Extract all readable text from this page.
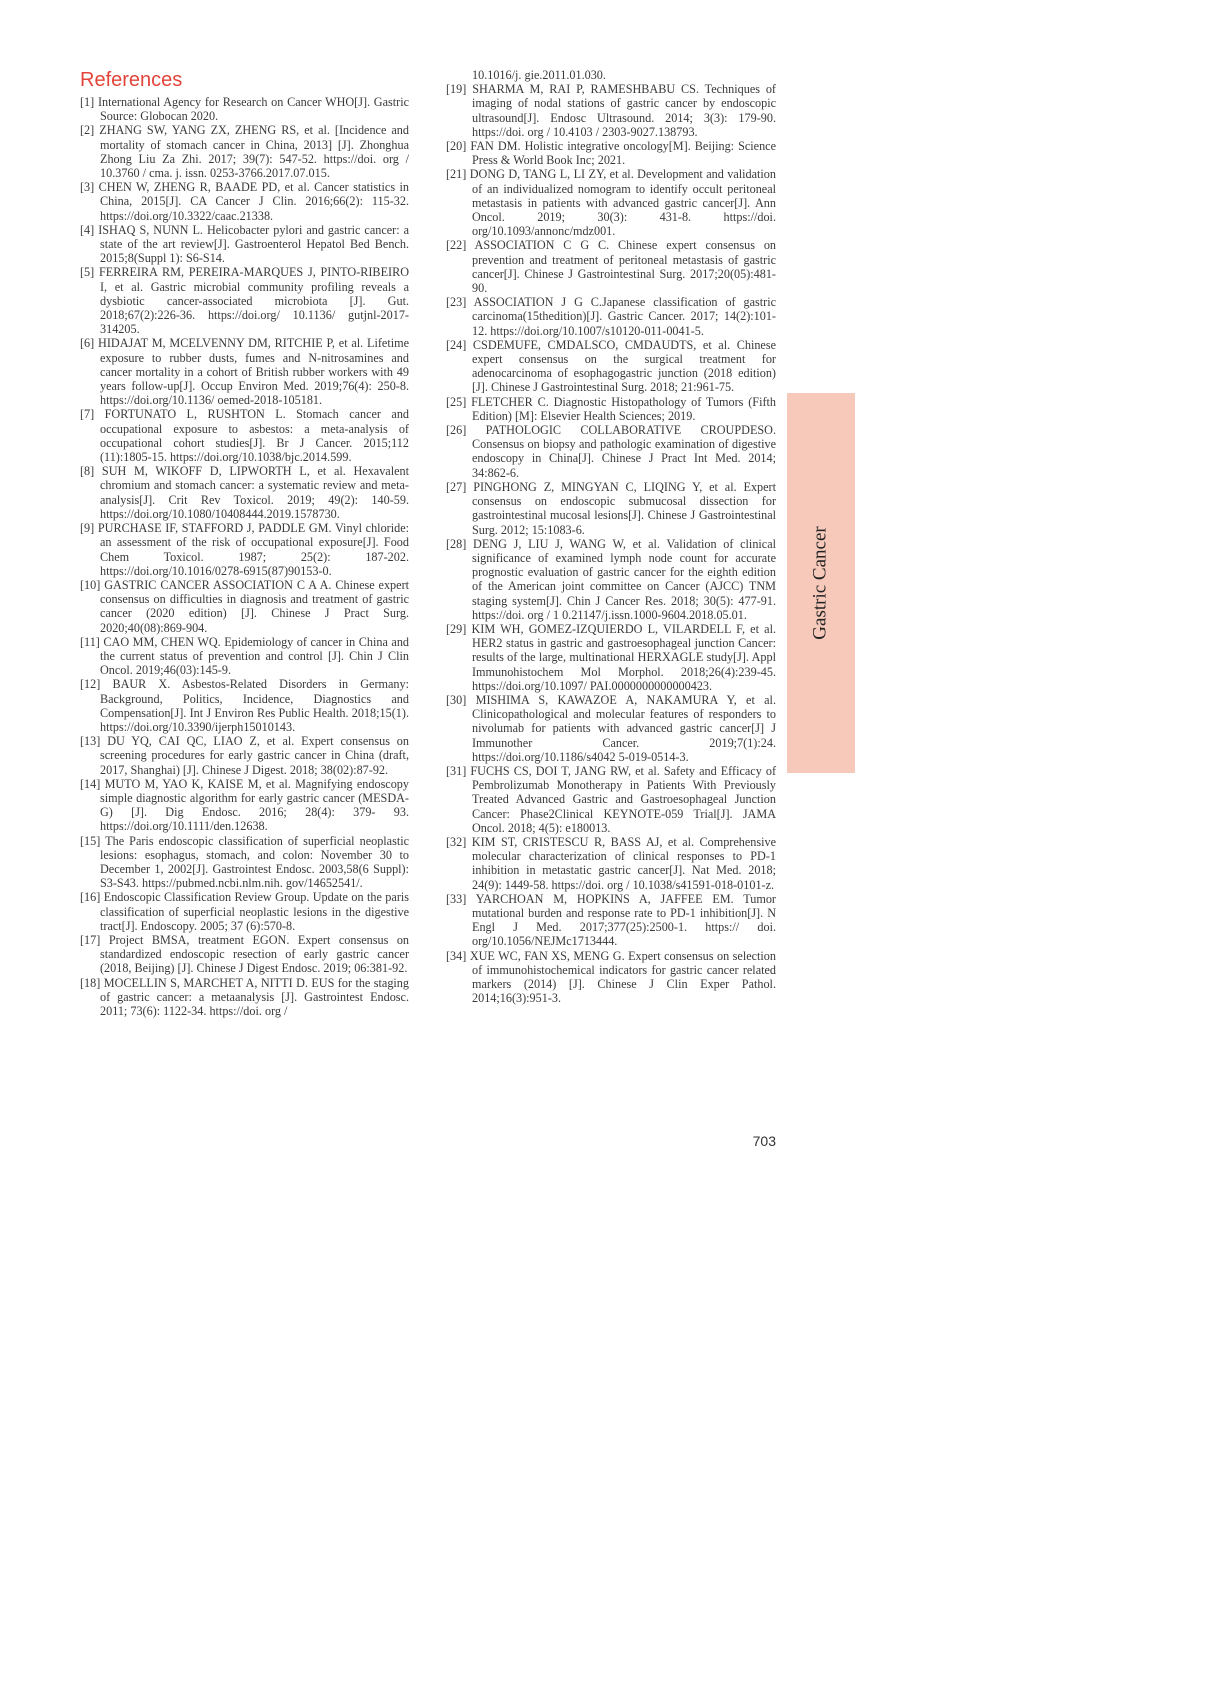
References
[1] International Agency for Research on Cancer WHO[J]. Gastric Source: Globocan 2020.
[2] ZHANG SW, YANG ZX, ZHENG RS, et al. [Incidence and mortality of stomach cancer in China, 2013] [J]. Zhonghua Zhong Liu Za Zhi. 2017; 39(7): 547-52. https://doi. org / 10.3760 / cma. j. issn. 0253-3766.2017.07.015.
[3] CHEN W, ZHENG R, BAADE PD, et al. Cancer statistics in China, 2015[J]. CA Cancer J Clin. 2016;66(2): 115-32. https://doi.org/10.3322/caac.21338.
[4] ISHAQ S, NUNN L. Helicobacter pylori and gastric cancer: a state of the art review[J]. Gastroenterol Hepatol Bed Bench. 2015;8(Suppl 1): S6-S14.
[5] FERREIRA RM, PEREIRA-MARQUES J, PINTO-RIBEIRO I, et al. Gastric microbial community profiling reveals a dysbiotic cancer-associated microbiota [J]. Gut. 2018;67(2):226-36. https://doi.org/ 10.1136/ gutjnl-2017-314205.
[6] HIDAJAT M, MCELVENNY DM, RITCHIE P, et al. Lifetime exposure to rubber dusts, fumes and N-nitrosamines and cancer mortality in a cohort of British rubber workers with 49 years follow-up[J]. Occup Environ Med. 2019;76(4): 250-8. https://doi.org/10.1136/ oemed-2018-105181.
[7] FORTUNATO L, RUSHTON L. Stomach cancer and occupational exposure to asbestos: a meta-analysis of occupational cohort studies[J]. Br J Cancer. 2015;112 (11):1805-15. https://doi.org/10.1038/bjc.2014.599.
[8] SUH M, WIKOFF D, LIPWORTH L, et al. Hexavalent chromium and stomach cancer: a systematic review and meta-analysis[J]. Crit Rev Toxicol. 2019; 49(2): 140-59. https://doi.org/10.1080/10408444.2019.1578730.
[9] PURCHASE IF, STAFFORD J, PADDLE GM. Vinyl chloride: an assessment of the risk of occupational exposure[J]. Food Chem Toxicol. 1987; 25(2): 187-202. https://doi.org/10.1016/0278-6915(87)90153-0.
[10] GASTRIC CANCER ASSOCIATION C A A. Chinese expert consensus on difficulties in diagnosis and treatment of gastric cancer (2020 edition) [J]. Chinese J Pract Surg. 2020;40(08):869-904.
[11] CAO MM, CHEN WQ. Epidemiology of cancer in China and the current status of prevention and control [J]. Chin J Clin Oncol. 2019;46(03):145-9.
[12] BAUR X. Asbestos-Related Disorders in Germany: Background, Politics, Incidence, Diagnostics and Compensation[J]. Int J Environ Res Public Health. 2018;15(1). https://doi.org/10.3390/ijerph15010143.
[13] DU YQ, CAI QC, LIAO Z, et al. Expert consensus on screening procedures for early gastric cancer in China (draft, 2017, Shanghai) [J]. Chinese J Digest. 2018; 38(02):87-92.
[14] MUTO M, YAO K, KAISE M, et al. Magnifying endoscopy simple diagnostic algorithm for early gastric cancer (MESDA-G) [J]. Dig Endosc. 2016; 28(4): 379- 93. https://doi.org/10.1111/den.12638.
[15] The Paris endoscopic classification of superficial neoplastic lesions: esophagus, stomach, and colon: November 30 to December 1, 2002[J]. Gastrointest Endosc. 2003,58(6 Suppl): S3-S43. https://pubmed.ncbi.nlm.nih. gov/14652541/.
[16] Endoscopic Classification Review Group. Update on the paris classification of superficial neoplastic lesions in the digestive tract[J]. Endoscopy. 2005; 37 (6):570-8.
[17] Project BMSA, treatment EGON. Expert consensus on standardized endoscopic resection of early gastric cancer (2018, Beijing) [J]. Chinese J Digest Endosc. 2019; 06:381-92.
[18] MOCELLIN S, MARCHET A, NITTI D. EUS for the staging of gastric cancer: a metaanalysis [J]. Gastrointest Endosc. 2011; 73(6): 1122-34. https://doi. org /
10.1016/j. gie.2011.01.030.
[19] SHARMA M, RAI P, RAMESHBABU CS. Techniques of imaging of nodal stations of gastric cancer by endoscopic ultrasound[J]. Endosc Ultrasound. 2014; 3(3): 179-90. https://doi. org / 10.4103 / 2303-9027.138793.
[20] FAN DM. Holistic integrative oncology[M]. Beijing: Science Press & World Book Inc; 2021.
[21] DONG D, TANG L, LI ZY, et al. Development and validation of an individualized nomogram to identify occult peritoneal metastasis in patients with advanced gastric cancer[J]. Ann Oncol. 2019; 30(3): 431-8. https://doi. org/10.1093/annonc/mdz001.
[22] ASSOCIATION C G C. Chinese expert consensus on prevention and treatment of peritoneal metastasis of gastric cancer[J]. Chinese J Gastrointestinal Surg. 2017;20(05):481-90.
[23] ASSOCIATION J G C.Japanese classification of gastric carcinoma(15thedition)[J]. Gastric Cancer. 2017; 14(2):101-12. https://doi.org/10.1007/s10120-011-0041-5.
[24] CSDEMUFE, CMDALSCO, CMDAUDTS, et al. Chinese expert consensus on the surgical treatment for adenocarcinoma of esophagogastric junction (2018 edition) [J]. Chinese J Gastrointestinal Surg. 2018; 21:961-75.
[25] FLETCHER C. Diagnostic Histopathology of Tumors (Fifth Edition) [M]: Elsevier Health Sciences; 2019.
[26] PATHOLOGIC COLLABORATIVE CROUPDESO. Consensus on biopsy and pathologic examination of digestive endoscopy in China[J]. Chinese J Pract Int Med. 2014; 34:862-6.
[27] PINGHONG Z, MINGYAN C, LIQING Y, et al. Expert consensus on endoscopic submucosal dissection for gastrointestinal mucosal lesions[J]. Chinese J Gastrointestinal Surg. 2012; 15:1083-6.
[28] DENG J, LIU J, WANG W, et al. Validation of clinical significance of examined lymph node count for accurate prognostic evaluation of gastric cancer for the eighth edition of the American joint committee on Cancer (AJCC) TNM staging system[J]. Chin J Cancer Res. 2018; 30(5): 477-91. https://doi. org / 1 0.21147/j.issn.1000-9604.2018.05.01.
[29] KIM WH, GOMEZ-IZQUIERDO L, VILARDELL F, et al. HER2 status in gastric and gastroesophageal junction Cancer: results of the large, multinational HERXAGLE study[J]. Appl Immunohistochem Mol Morphol. 2018;26(4):239-45. https://doi.org/10.1097/ PAI.0000000000000423.
[30] MISHIMA S, KAWAZOE A, NAKAMURA Y, et al. Clinicopathological and molecular features of responders to nivolumab for patients with advanced gastric cancer[J] J Immunother Cancer. 2019;7(1):24. https://doi.org/10.1186/s4042 5-019-0514-3.
[31] FUCHS CS, DOI T, JANG RW, et al. Safety and Efficacy of Pembrolizumab Monotherapy in Patients With Previously Treated Advanced Gastric and Gastroesophageal Junction Cancer: Phase2Clinical KEYNOTE-059 Trial[J]. JAMA Oncol. 2018; 4(5): e180013.
[32] KIM ST, CRISTESCU R, BASS AJ, et al. Comprehensive molecular characterization of clinical responses to PD-1 inhibition in metastatic gastric cancer[J]. Nat Med. 2018; 24(9): 1449-58. https://doi. org / 10.1038/s41591-018-0101-z.
[33] YARCHOAN M, HOPKINS A, JAFFEE EM. Tumor mutational burden and response rate to PD-1 inhibition[J]. N Engl J Med. 2017;377(25):2500-1. https:// doi. org/10.1056/NEJMc1713444.
[34] XUE WC, FAN XS, MENG G. Expert consensus on selection of immunohistochemical indicators for gastric cancer related markers (2014) [J]. Chinese J Clin Exper Pathol. 2014;16(3):951-3.
Gastric Cancer
703
